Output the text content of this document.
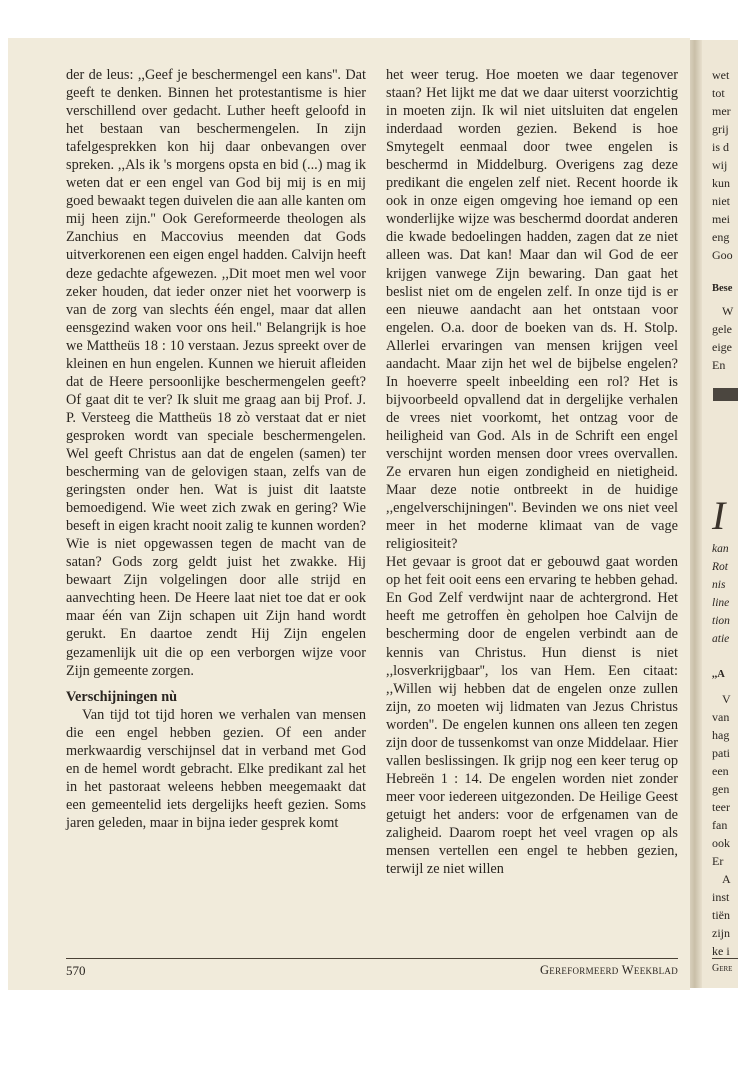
der de leus: ,,Geef je beschermengel een kans''. Dat geeft te denken. Binnen het protestantisme is hier verschillend over gedacht. Luther heeft geloofd in het bestaan van beschermengelen. In zijn tafelgesprekken kon hij daar onbevangen over spreken. ,,Als ik 's morgens opsta en bid (...) mag ik weten dat er een engel van God bij mij is en mij goed bewaakt tegen duivelen die aan alle kanten om mij heen zijn.'' Ook Gereformeerde theologen als Zanchius en Maccovius meenden dat Gods uitverkorenen een eigen engel hadden. Calvijn heeft deze gedachte afgewezen. ,,Dit moet men wel voor zeker houden, dat ieder onzer niet het voorwerp is van de zorg van slechts één engel, maar dat allen eensgezind waken voor ons heil.'' Belangrijk is hoe we Mattheüs 18 : 10 verstaan. Jezus spreekt over de kleinen en hun engelen. Kunnen we hieruit afleiden dat de Heere persoonlijke beschermengelen geeft? Of gaat dit te ver? Ik sluit me graag aan bij Prof. J. P. Versteeg die Mattheüs 18 zò verstaat dat er niet gesproken wordt van speciale beschermengelen. Wel geeft Christus aan dat de engelen (samen) ter bescherming van de gelovigen staan, zelfs van de geringsten onder hen. Wat is juist dit laatste bemoedigend. Wie weet zich zwak en gering? Wie beseft in eigen kracht nooit zalig te kunnen worden? Wie is niet opgewassen tegen de macht van de satan? Gods zorg geldt juist het zwakke. Hij bewaart Zijn volgelingen door alle strijd en aanvechting heen. De Heere laat niet toe dat er ook maar één van Zijn schapen uit Zijn hand wordt gerukt. En daartoe zendt Hij Zijn engelen gezamenlijk uit die op een verborgen wijze voor Zijn gemeente zorgen.

Verschijningen nù

Van tijd tot tijd horen we verhalen van mensen die een engel hebben gezien. Of een ander merkwaardig verschijnsel dat in verband met God en de hemel wordt gebracht. Elke predikant zal het in het pastoraat weleens hebben meegemaakt dat een gemeentelid iets dergelijks heeft gezien. Soms jaren geleden, maar in bijna ieder gesprek komt

het weer terug. Hoe moeten we daar tegenover staan? Het lijkt me dat we daar uiterst voorzichtig in moeten zijn. Ik wil niet uitsluiten dat engelen inderdaad worden gezien. Bekend is hoe Smytegelt eenmaal door twee engelen is beschermd in Middelburg. Overigens zag deze predikant die engelen zelf niet. Recent hoorde ik ook in onze eigen omgeving hoe iemand op een wonderlijke wijze was beschermd doordat anderen die kwade bedoelingen hadden, zagen dat ze niet alleen was. Dat kan! Maar dan wil God de eer krijgen vanwege Zijn bewaring. Dan gaat het beslist niet om de engelen zelf. In onze tijd is er een nieuwe aandacht aan het ontstaan voor engelen. O.a. door de boeken van ds. H. Stolp. Allerlei ervaringen van mensen krijgen veel aandacht. Maar zijn het wel de bijbelse engelen? In hoeverre speelt inbeelding een rol? Het is bijvoorbeeld opvallend dat in dergelijke verhalen de vrees niet voorkomt, het ontzag voor de heiligheid van God. Als in de Schrift een engel verschijnt worden mensen door vrees overvallen. Ze ervaren hun eigen zondigheid en nietigheid. Maar deze notie ontbreekt in de huidige ,,engelverschijningen''. Bevinden we ons niet veel meer in het moderne klimaat van de vage religiositeit?

Het gevaar is groot dat er gebouwd gaat worden op het feit ooit eens een ervaring te hebben gehad. En God Zelf verdwijnt naar de achtergrond. Het heeft me getroffen èn geholpen hoe Calvijn de bescherming door de engelen verbindt aan de kennis van Christus. Hun dienst is niet ,,losverkrijgbaar'', los van Hem. Een citaat: ,,Willen wij hebben dat de engelen onze zullen zijn, zo moeten wij lidmaten van Jezus Christus worden''. De engelen kunnen ons alleen ten zegen zijn door de tussenkomst van onze Middelaar. Hier vallen beslissingen. Ik grijp nog een keer terug op Hebreën 1 : 14. De engelen worden niet zonder meer voor iedereen uitgezonden. De Heilige Geest getuigt het anders: voor de erfgenamen van de zaligheid. Daarom roept het veel vragen op als mensen vertellen een engel te hebben gezien, terwijl ze niet willen

570	Gereformeerd Weekblad
wet
tot
mer
grij
is d
wij
kun
niet
mei
eng
Goo
Bese
W
gele
eige
En
I
kan
Rot
nis
line
tion
atie
,,A
V
van
hag
pati
een
gen
teer
fan
ook
Er
A
inst
tiën
zijn
ke i
Gere
